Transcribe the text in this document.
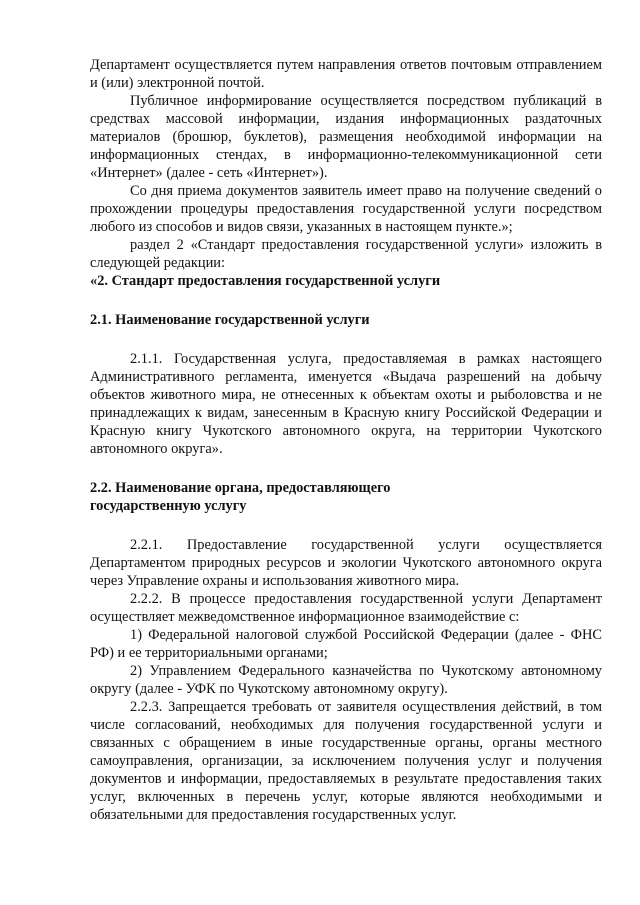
Департамент осуществляется путем направления ответов почтовым отправлением и (или) электронной почтой.

Публичное информирование осуществляется посредством публикаций в средствах массовой информации, издания информационных раздаточных материалов (брошюр, буклетов), размещения необходимой информации на информационных стендах, в информационно-телекоммуникационной сети «Интернет» (далее - сеть «Интернет»).

Со дня приема документов заявитель имеет право на получение сведений о прохождении процедуры предоставления государственной услуги посредством любого из способов и видов связи, указанных в настоящем пункте.»;

раздел 2 «Стандарт предоставления государственной услуги» изложить в следующей редакции:

«2. Стандарт предоставления государственной услуги

2.1. Наименование государственной услуги

2.1.1. Государственная услуга, предоставляемая в рамках настоящего Административного регламента, именуется «Выдача разрешений на добычу объектов животного мира, не отнесенных к объектам охоты и рыболовства и не принадлежащих к видам, занесенным в Красную книгу Российской Федерации и Красную книгу Чукотского автономного округа, на территории Чукотского автономного округа».

2.2. Наименование органа, предоставляющего

государственную услугу

2.2.1. Предоставление государственной услуги осуществляется Департаментом природных ресурсов и экологии Чукотского автономного округа через Управление охраны и использования животного мира.

2.2.2. В процессе предоставления государственной услуги Департамент осуществляет межведомственное информационное взаимодействие с:

1) Федеральной налоговой службой Российской Федерации (далее - ФНС РФ) и ее территориальными органами;

2) Управлением Федерального казначейства по Чукотскому автономному округу (далее - УФК по Чукотскому автономному округу).

2.2.3. Запрещается требовать от заявителя осуществления действий, в том числе согласований, необходимых для получения государственной услуги и связанных с обращением в иные государственные органы, органы местного самоуправления, организации, за исключением получения услуг и получения документов и информации, предоставляемых в результате предоставления таких услуг, включенных в перечень услуг, которые являются необходимыми и обязательными для предоставления государственных услуг.
